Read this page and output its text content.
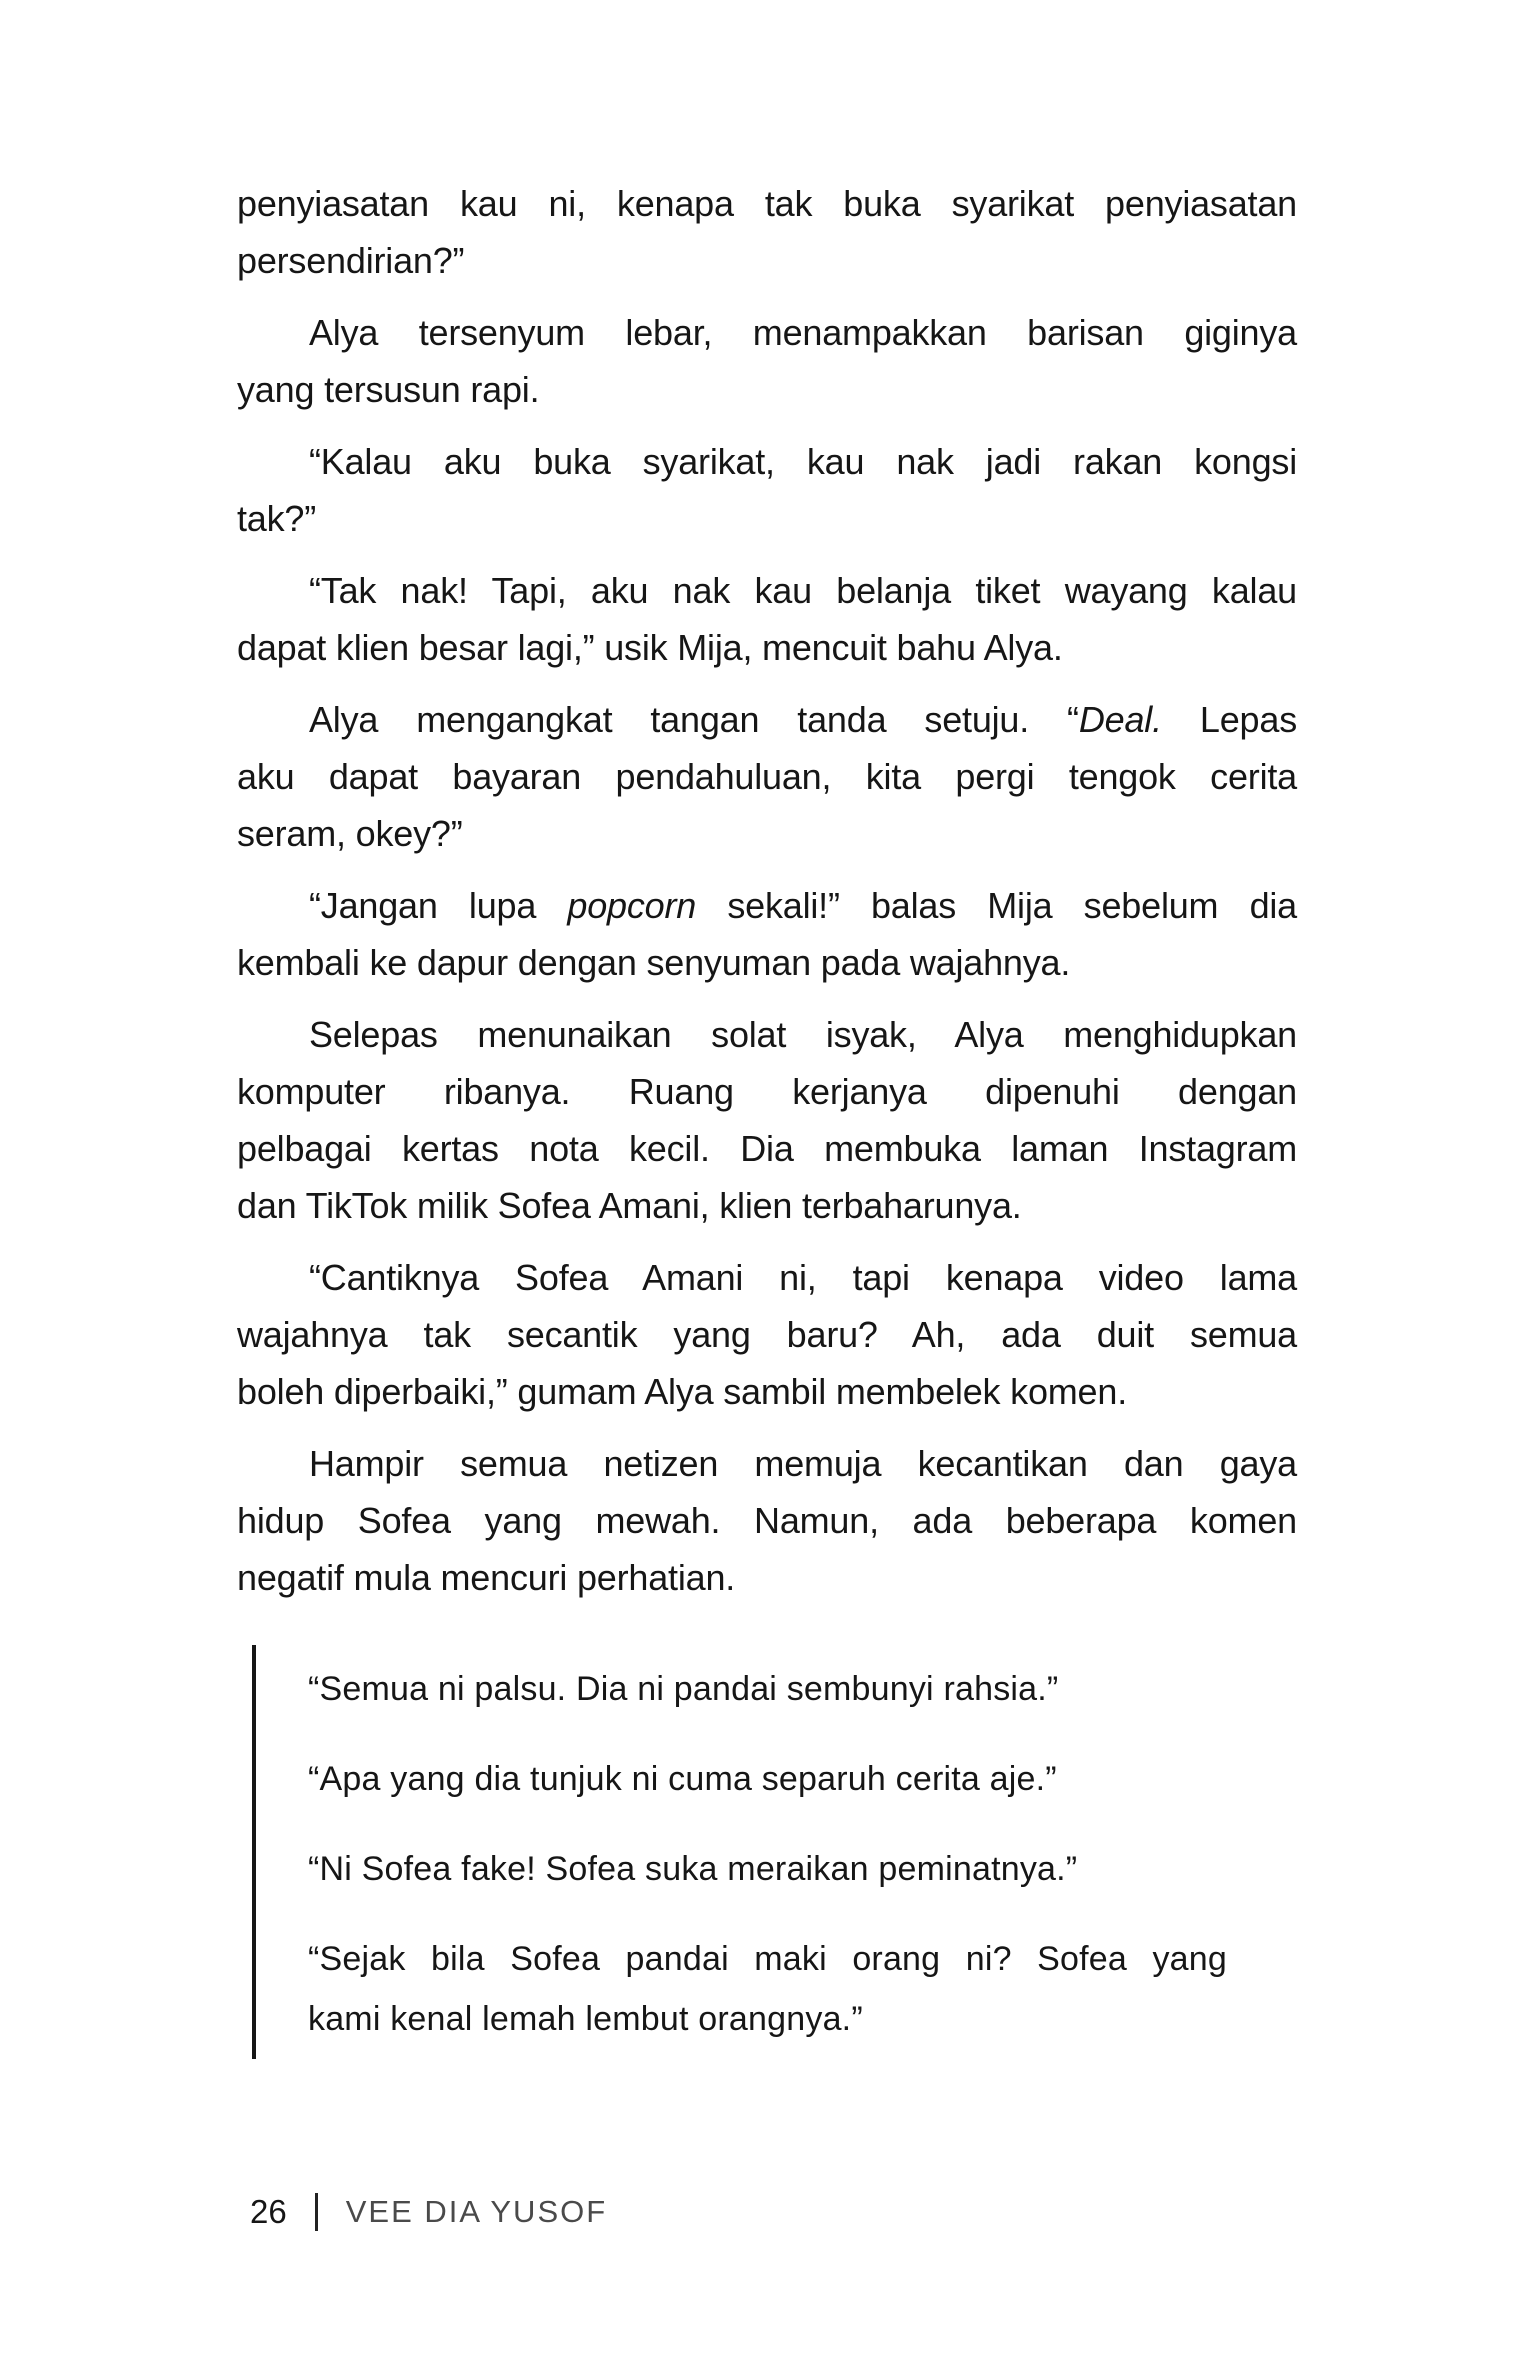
penyiasatan kau ni, kenapa tak buka syarikat penyiasatan
persendirian?”

Alya tersenyum lebar, menampakkan barisan giginya
yang tersusun rapi.

“Kalau aku buka syarikat, kau nak jadi rakan kongsi
tak?”

“Tak nak! Tapi, aku nak kau belanja tiket wayang kalau
dapat klien besar lagi,” usik Mija, mencuit bahu Alya.

Alya mengangkat tangan tanda setuju. “Deal. Lepas
aku dapat bayaran pendahuluan, kita pergi tengok cerita
seram, okey?”

“Jangan lupa popcorn sekali!” balas Mija sebelum dia
kembali ke dapur dengan senyuman pada wajahnya.

Selepas menunaikan solat isyak, Alya menghidupkan
komputer ribanya. Ruang kerjanya dipenuhi dengan
pelbagai kertas nota kecil. Dia membuka laman Instagram
dan TikTok milik Sofea Amani, klien terbaharunya.

“Cantiknya Sofea Amani ni, tapi kenapa video lama
wajahnya tak secantik yang baru? Ah, ada duit semua
boleh diperbaiki,” gumam Alya sambil membelek komen.

Hampir semua netizen memuja kecantikan dan gaya
hidup Sofea yang mewah. Namun, ada beberapa komen
negatif mula mencuri perhatian.

“Semua ni palsu. Dia ni pandai sembunyi rahsia.”
“Apa yang dia tunjuk ni cuma separuh cerita aje.”
“Ni Sofea fake! Sofea suka meraikan peminatnya.”
“Sejak bila Sofea pandai maki orang ni? Sofea yang
kami kenal lemah lembut orangnya.”
26 VEE DIA YUSOF
